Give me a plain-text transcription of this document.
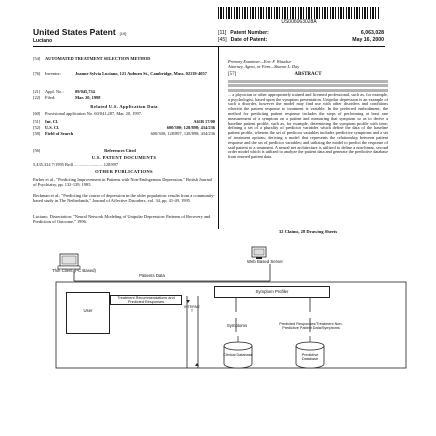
US006063028A
United States Patent [19]
Luciano
[11] Patent Number:	6,063,028
[45] Date of Patent:	May 16, 2000
[54] AUTOMATED TREATMENT SELECTION METHOD
[76] Inventor:	Joanne Sylvia Luciano, 121 Auburn St., Cambridge, Mass. 02139-4057
[21] Appl. No.:	09/045,734
[22] Filed:	Mar. 20, 1998
Related U.S. Application Data
[60] Provisional application No. 60/041,287, Mar. 20, 1997.
[51] Int. Cl.	A61B 17/00
[52] U.S. Cl.	600/300; 128/898; 434/236
[58] Field of Search	600/300; 128/897, 128/898; 434/236
[56]	References Cited
U.S. PATENT DOCUMENTS
5,435,324 7/1995 Brill .......................... 128/897
OTHER PUBLICATIONS
Parker et al., "Predicting Improvement in Patients with Non-Endogenous Depression," British Journal of Psychiatry, pp. 132-139, 1985.
Beckman et al., "Predicting the course of depression in the older population: results from a community-based study in The Netherlands," Journal of Affective Disorders, vol. 34, pp. 41-49, 1995.
Luciano, Dissertation: "Neural Network Modeling of Unipolar Depression: Patterns of Recovery and Prediction of Outcome," 1996.
Primary Examiner—Eric F. Winakur
Attorney, Agent, or Firm—Sharon L. Day
[57]	ABSTRACT
... a physician or other appropriately trained and licensed professional, such as, for example, a psychologist, based upon the symptom presentation. Unipolar depression is an example of such a disorder, however the model may find use with other disorders and conditions wherein the patient response to treatment is variable. In the preferred embodiment, the method for predicting patient response includes the steps of performing at least one measurement of a symptom on a patient and measuring that symptom so as to derive a baseline patient profile, such as, for example, determining the symptom profile with time; defining a set of a plurality of predictor variables which define the data of the baseline patient profile, wherein the set of predictor variables includes predictive symptoms and a set of treatment options; deriving a model that represents the relationship between patient response and the set of predictor variables; and utilizing the model to predict the response of said patient to a treatment. A neural net architecture is utilized to define a non-linear, second order model which is utilized to analyze the patient data and generate the predictive database from entered patient data.
32 Claims, 28 Drawing Sheets
Web Based Server
Thin Client (PC Based)
Patients Data
User
Treatment Recommendations and Predicted Responses
INTERNET
Symptom Profiler
Symptoms	Predicted Responses/Treatment Non-Predictive Patient Data/Symptoms
Clinical Database	Predictive Database
